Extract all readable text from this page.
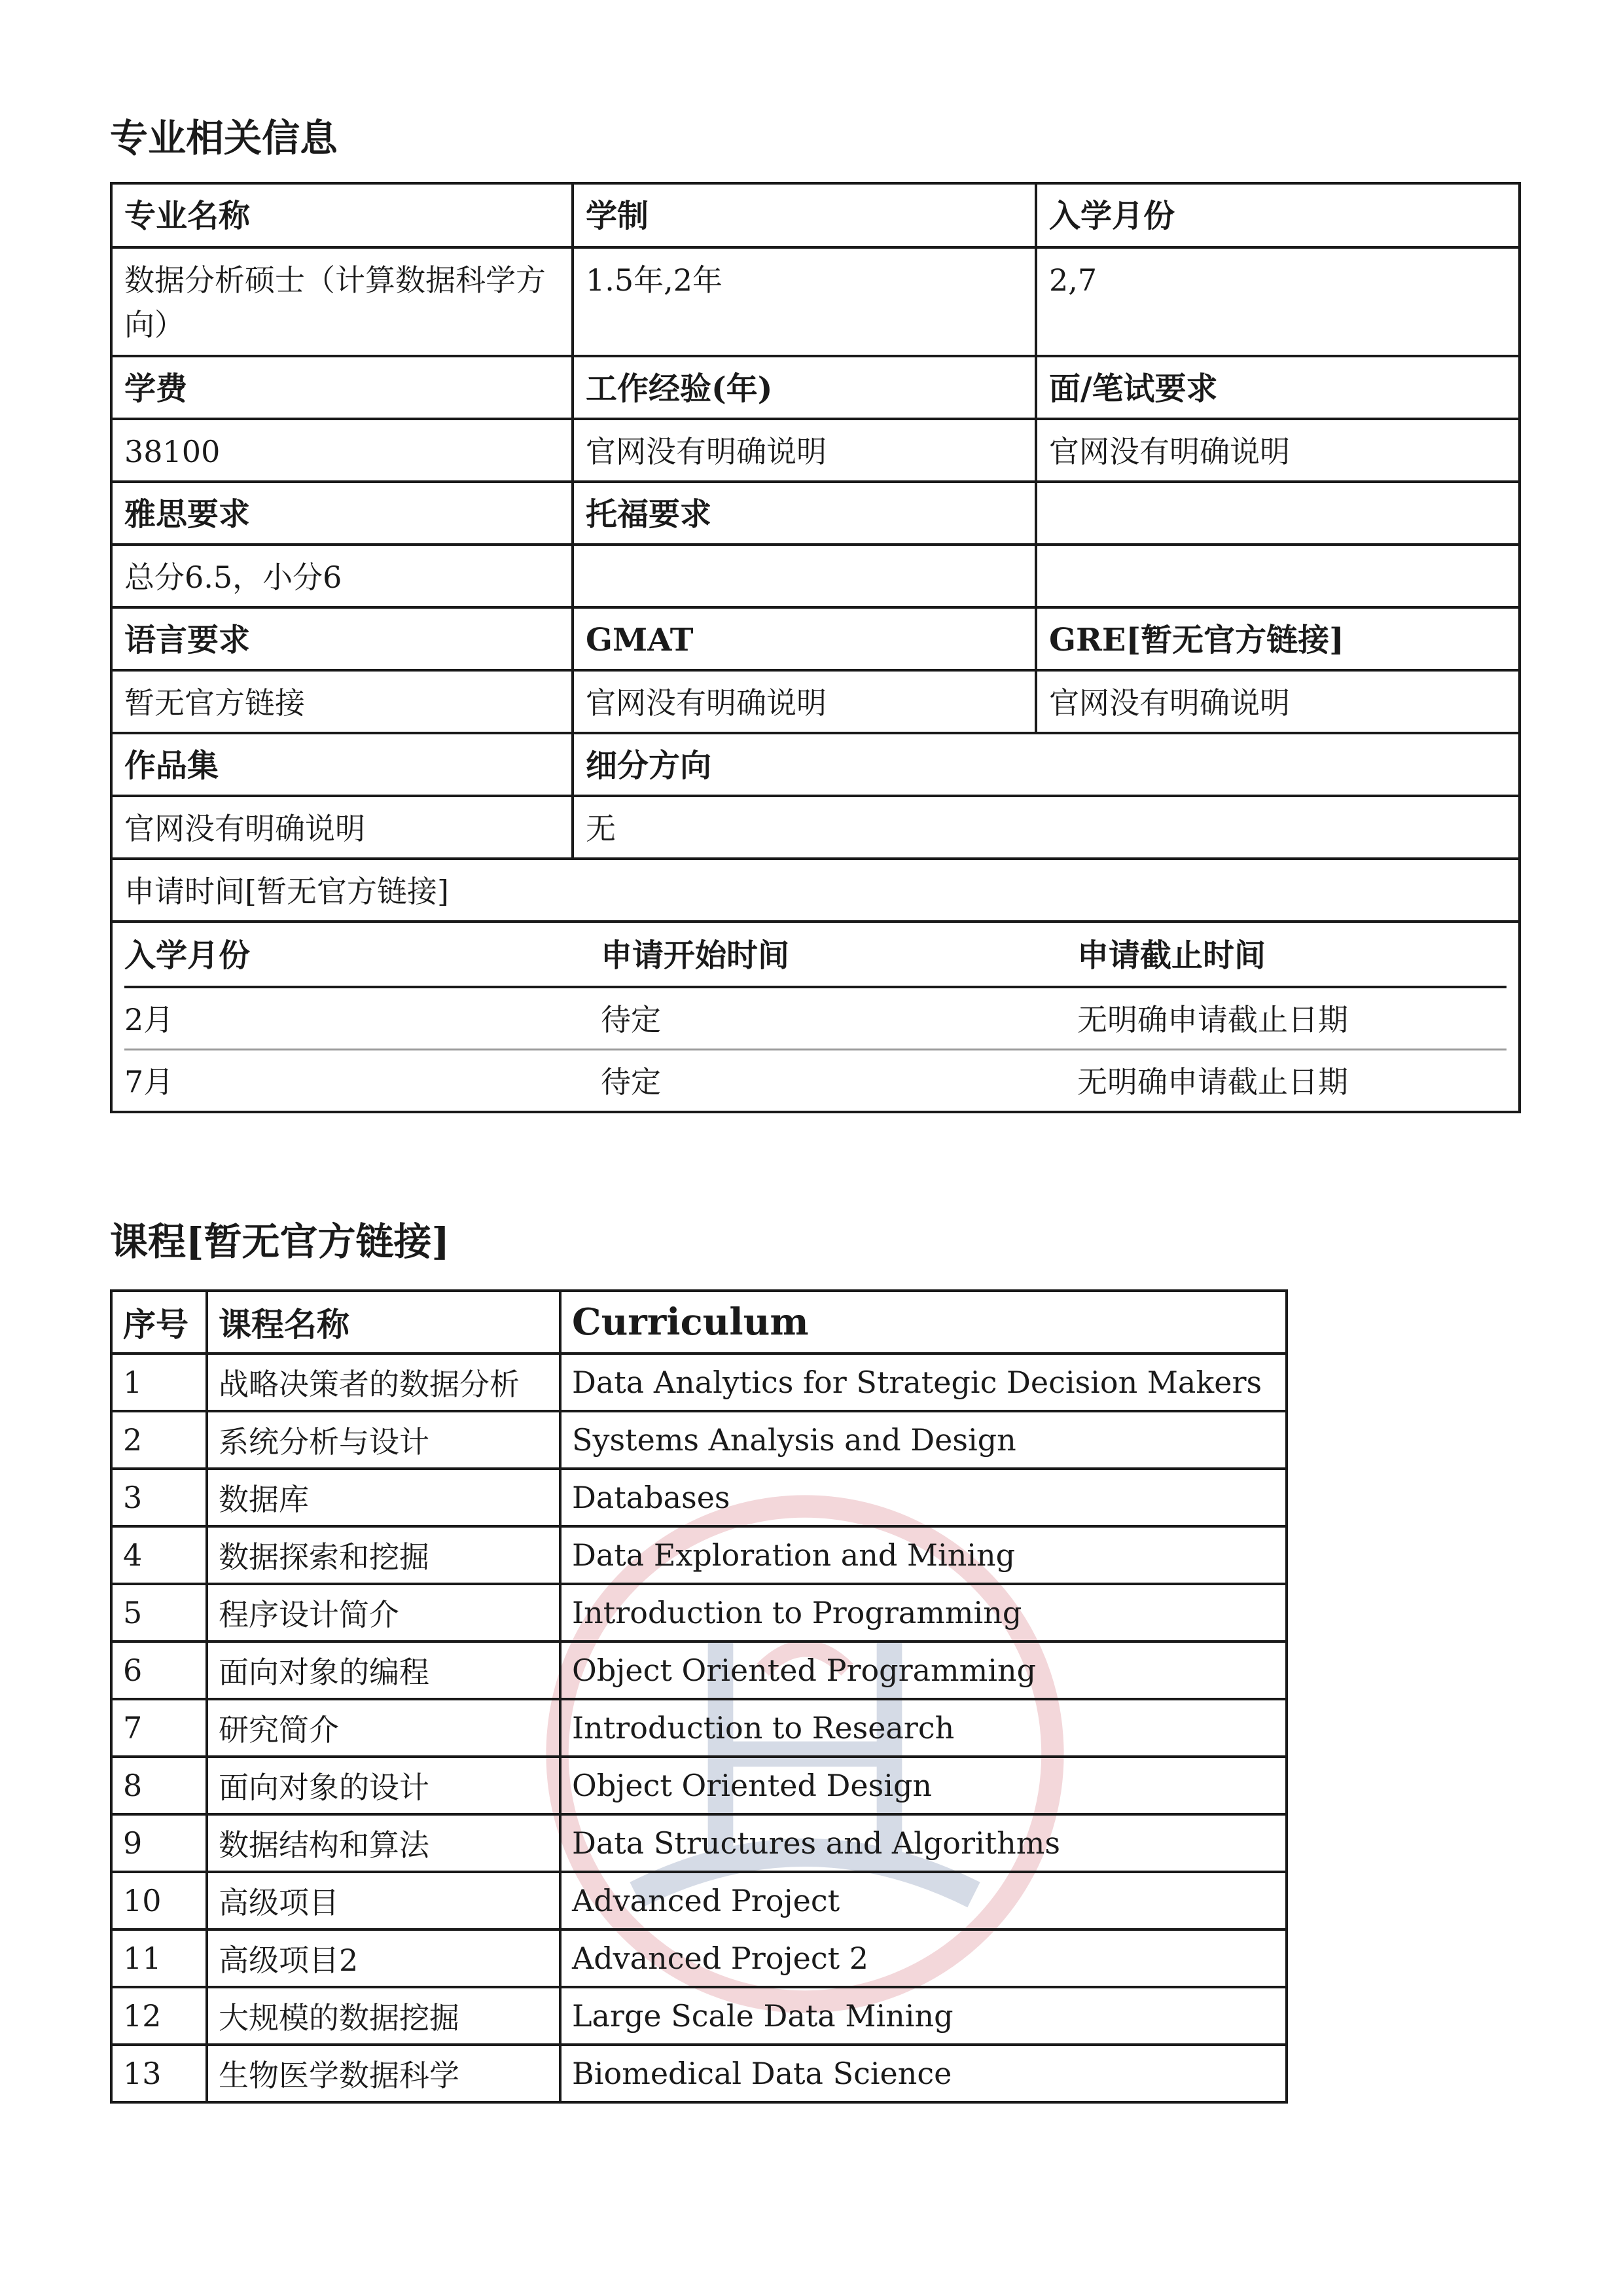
专业相关信息
专业名称	学制	入学月份
数据分析硕士（计算数据科学方向）	1.5年,2年	2,7
学费	工作经验(年)	面/笔试要求
38100	官网没有明确说明	官网没有明确说明
雅思要求	托福要求	
总分6.5，小分6		
语言要求	GMAT	GRE[暂无官方链接]
暂无官方链接	官网没有明确说明	官网没有明确说明
作品集	细分方向
官网没有明确说明	无
申请时间[暂无官方链接]

入学月份	申请开始时间	申请截止时间
2月	待定	无明确申请截止日期
7月	待定	无明确申请截止日期
课程[暂无官方链接]
序号	课程名称	Curriculum
1	战略决策者的数据分析	Data Analytics for Strategic Decision Makers
2	系统分析与设计	Systems Analysis and Design
3	数据库	Databases
4	数据探索和挖掘	Data Exploration and Mining
5	程序设计简介	Introduction to Programming
6	面向对象的编程	Object Oriented Programming
7	研究简介	Introduction to Research
8	面向对象的设计	Object Oriented Design
9	数据结构和算法	Data Structures and Algorithms
10	高级项目	Advanced Project
11	高级项目2	Advanced Project 2
12	大规模的数据挖掘	Large Scale Data Mining
13	生物医学数据科学	Biomedical Data Science
